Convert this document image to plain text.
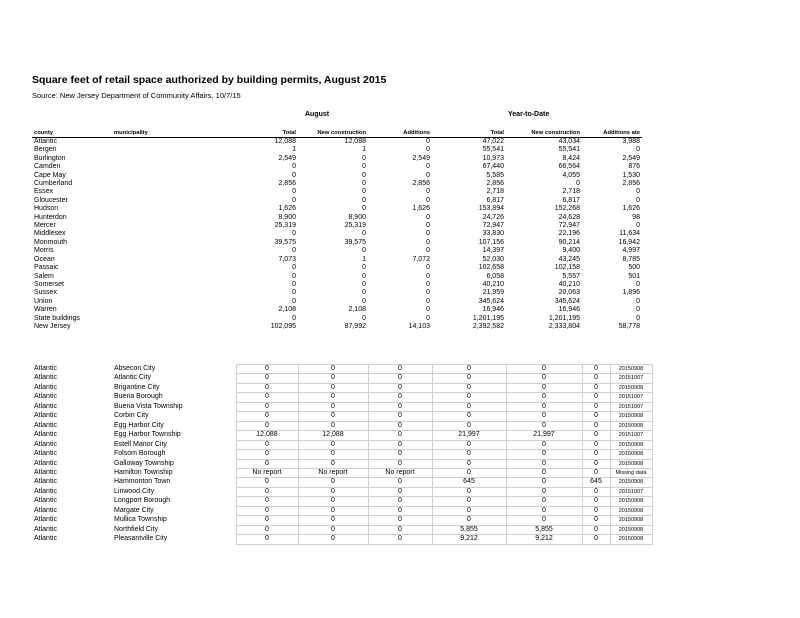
Square feet of retail space authorized by building permits, August 2015
Source: New Jersey Department of Community Affairs, 10/7/15
August	Year-to-Date
county	municipality	Total	New construction	Additions	Total	New construction	Additions ate
Atlantic		12,088	12,088	0	47,022	43,034	3,988
Bergen		1	1	0	55,541	55,541	0
Burlington		2,549	0	2,549	10,973	8,424	2,549
Camden		0	0	0	67,440	66,564	876
Cape May		0	0	0	5,585	4,055	1,530
Cumberland		2,856	0	2,856	2,856	0	2,856
Essex		0	0	0	2,718	2,718	0
Gloucester		0	0	0	6,817	6,817	0
Hudson		1,626	0	1,626	153,894	152,268	1,626
Hunterdon		8,900	8,900	0	24,726	24,628	98
Mercer		25,319	25,319	0	72,947	72,947	0
Middlesex		0	0	0	33,830	22,196	11,634
Monmouth		39,575	39,575	0	107,156	90,214	16,942
Morris		0	0	0	14,397	9,400	4,997
Ocean		7,073	1	7,072	52,030	43,245	8,785
Passaic		0	0	0	102,658	102,158	500
Salem		0	0	0	6,058	5,557	501
Somerset		0	0	0	40,210	40,210	0
Sussex		0	0	0	21,959	20,063	1,896
Union		0	0	0	345,624	345,624	0
Warren		2,108	2,108	0	16,946	16,946	0
State buildings		0	0	0	1,201,195	1,201,195	0
New Jersey		102,095	87,992	14,103	2,392,582	2,333,804	58,778
Atlantic	Absecon City	0	0	0	0	0	0	20150908
Atlantic	Atlantic City	0	0	0	0	0	0	20151007
Atlantic	Brigantine City	0	0	0	0	0	0	20150908
Atlantic	Buena Borough	0	0	0	0	0	0	20151007
Atlantic	Buena Vista Township	0	0	0	0	0	0	20151007
Atlantic	Corbin City	0	0	0	0	0	0	20150908
Atlantic	Egg Harbor City	0	0	0	0	0	0	20150908
Atlantic	Egg Harbor Township	12,088	12,088	0	21,997	21,997	0	20151007
Atlantic	Estell Manor City	0	0	0	0	0	0	20150908
Atlantic	Folsom Borough	0	0	0	0	0	0	20150908
Atlantic	Galloway Township	0	0	0	0	0	0	20150908
Atlantic	Hamilton Township	No report	No report	No report	0	0	0	Missing data
Atlantic	Hammonton Town	0	0	0	645	0	645	20150908
Atlantic	Linwood City	0	0	0	0	0	0	20151007
Atlantic	Longport Borough	0	0	0	0	0	0	20150908
Atlantic	Margate City	0	0	0	0	0	0	20150908
Atlantic	Mullica Township	0	0	0	0	0	0	20150908
Atlantic	Northfield City	0	0	0	5,855	5,855	0	20150908
Atlantic	Pleasantville City	0	0	0	9,212	9,212	0	20150908
